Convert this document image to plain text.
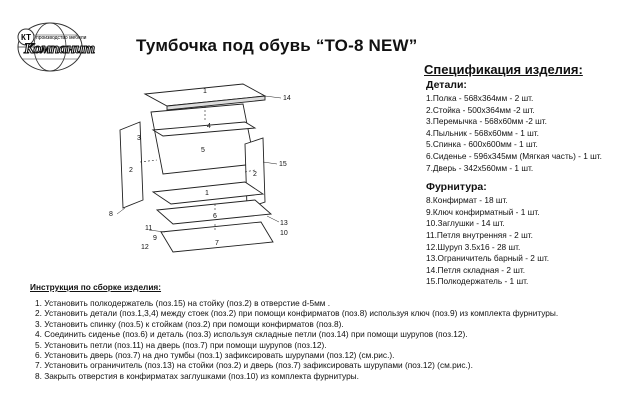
КТ производство мебели
Компанит Тумбочка под обувь “ТО-8 NEW”
14
1
4
5
3
1
15
2
6
8
2
9
11
12
13
10
7
Спецификация изделия:
Детали:
1.Полка - 568х364мм - 2 шт.
2.Стойка - 500х364мм -2 шт.
3.Перемычка - 568х60мм -2 шт.
4.Пыльник - 568х60мм - 1 шт.
5.Спинка - 600х600мм - 1 шт.
6.Сиденье - 596х345мм (Мягкая часть) - 1 шт.
7.Дверь - 342х560мм - 1 шт.
Фурнитура:
8.Конфирмат - 18 шт.
9.Ключ конфирматный - 1 шт.
10.Заглушки - 14 шт.
11.Петля внутренняя - 2 шт.
12.Шуруп 3.5х16 - 28 шт.
13.Ограничитель барный - 2 шт.
14.Петля складная - 2 шт.
15.Полкодержатель - 1 шт.
Инструкция по сборке изделия:
1. Установить полкодержатель (поз.15) на стойку (поз.2) в отверстие d-5мм .
2. Установить детали (поз.1,3,4) между стоек (поз.2) при помощи конфирматов (поз.8) используя ключ (поз.9) из комплекта фурнитуры.
3. Установить спинку (поз.5) к стойкам (поз.2) при помощи конфирматов (поз.8).
4. Соединить сиденье (поз.6) и деталь (поз.3) используя складные петли (поз.14) при помощи шурупов (поз.12).
5. Установить петли (поз.11) на дверь (поз.7) при помощи шурупов (поз.12).
6. Установить дверь (поз.7) на дно тумбы (поз.1) зафиксировать шурупами (поз.12) (см.рис.).
7. Установить ограничитель (поз.13) на стойки (поз.2) и дверь (поз.7) зафиксировать шурупами (поз.12) (см.рис.).
8. Закрыть отверстия в конфирматах заглушками (поз.10) из комплекта фурнитуры.
